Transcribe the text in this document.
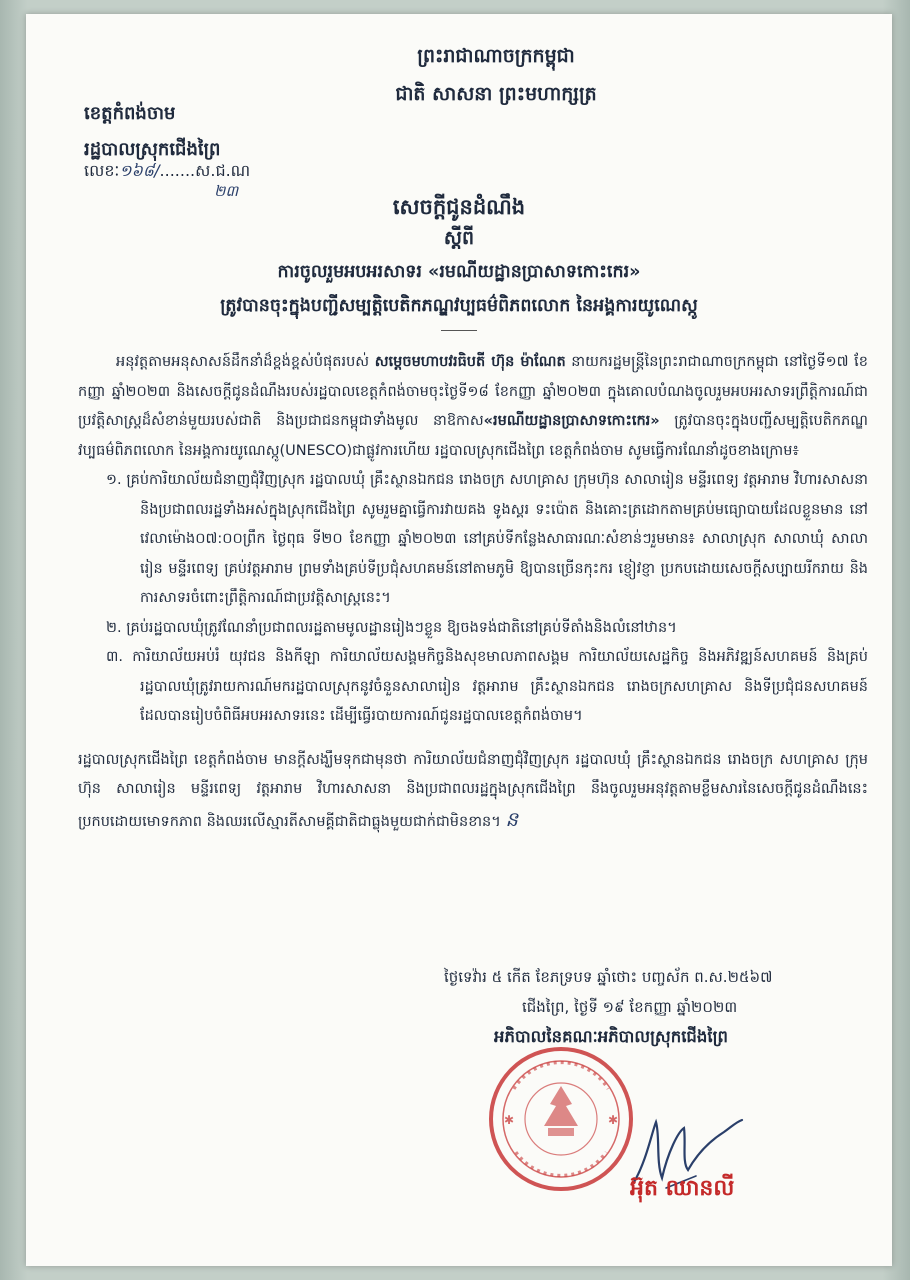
ព្រះរាជាណាចក្រកម្ពុជា
ជាតិ សាសនា ព្រះមហាក្សត្រ
ខេត្តកំពង់ចាម
រដ្ឋបាលស្រុកជើងព្រៃ
លេខៈ១៦៨/.......ស.ជ.ណ
២៣
សេចក្តីជូនដំណឹង
ស្តីពី
ការចូលរួមអបអរសាទរ «រមណីយដ្ឋានប្រាសាទកោះកេរ»
ត្រូវបានចុះក្នុងបញ្ជីសម្បត្តិបេតិកភណ្ឌវប្បធម៌ពិភពលោក នៃអង្គការយូណេស្កូ

អនុវត្តតាមអនុសាសន៍ដឹកនាំដ៏ខ្ពង់ខ្ពស់បំផុតរបស់ សម្តេចមហាបវរធិបតី ហ៊ុន ម៉ាណែត នាយករដ្ឋមន្ត្រីនៃព្រះរាជាណាចក្រកម្ពុជា នៅថ្ងៃទី១៧ ខែកញ្ញា ឆ្នាំ២០២៣ និងសេចក្តីជូនដំណឹងរបស់រដ្ឋបាលខេត្តកំពង់ចាមចុះថ្ងៃទី១៨ ខែកញ្ញា ឆ្នាំ២០២៣ ក្នុងគោលបំណងចូលរួមអបអរសាទរព្រឹត្តិការណ៍ជាប្រវត្តិសាស្រ្តដ៏សំខាន់មួយរបស់ជាតិ និងប្រជាជនកម្ពុជាទាំងមូល នាឱកាស«រមណីយដ្ឋានប្រាសាទកោះកេរ» ត្រូវបានចុះក្នុងបញ្ជីសម្បត្តិបេតិកភណ្ឌវប្បធម៌ពិភពលោក នៃអង្គការយូណេស្កូ(UNESCO)ជាផ្លូវការហើយ រដ្ឋបាលស្រុកជើងព្រៃ ខេត្តកំពង់ចាម សូមធ្វើការណែនាំដូចខាងក្រោម៖

១. គ្រប់ការិយាល័យជំនាញជុំវិញស្រុក រដ្ឋបាលឃុំ គ្រឹះស្ថានឯកជន រោងចក្រ សហគ្រាស ក្រុមហ៊ុន សាលារៀន មន្ទីរពេទ្យ វត្តអារាម វិហារសាសនា និងប្រជាពលរដ្ឋទាំងអស់ក្នុងស្រុកជើងព្រៃ សូមរួមគ្នាធ្វើការវាយគង ទូងស្គរ ទះប៉ោត និងគោះត្រដោកតាមគ្រប់មធ្យោបាយដែលខ្លួនមាន នៅវេលាម៉ោង០៧:០០ព្រឹក ថ្ងៃពុធ ទី២០ ខែកញ្ញា ឆ្នាំ២០២៣ នៅគ្រប់ទីកន្លែងសាធារណៈសំខាន់ៗរួមមាន៖ សាលាស្រុក សាលាឃុំ សាលារៀន មន្ទីរពេទ្យ គ្រប់វត្តអារាម ព្រមទាំងគ្រប់ទីប្រជុំសហគមន៍នៅតាមភូមិ ឱ្យបានច្រើនកុះករ ខ្ញៀវខ្ញា ប្រកបដោយសេចក្តីសប្បាយរីករាយ និងការសាទរចំពោះព្រឹត្តិការណ៍ជាប្រវត្តិសាស្ត្រនេះ។

២. គ្រប់រដ្ឋបាលឃុំត្រូវណែនាំប្រជាពលរដ្ឋតាមមូលដ្ឋានរៀងៗខ្លួន ឱ្យចងទង់ជាតិនៅគ្រប់ទីតាំងនិងលំនៅឋាន។

៣. ការិយាល័យអប់រំ យុវជន និងកីឡា ការិយាល័យសង្គមកិច្ចនិងសុខមាលភាពសង្គម ការិយាល័យសេដ្ឋកិច្ច និងអភិវឌ្ឍន៍សហគមន៍ និងគ្រប់រដ្ឋបាលឃុំត្រូវរាយការណ៍មករដ្ឋបាលស្រុកនូវចំនួនសាលារៀន វត្តអារាម គ្រឹះស្ថានឯកជន រោងចក្រសហគ្រាស និងទីប្រជុំជនសហគមន៍ ដែលបានរៀបចំពិធីអបអរសាទរនេះ ដើម្បីធ្វើរបាយការណ៍ជូនរដ្ឋបាលខេត្តកំពង់ចាម។

រដ្ឋបាលស្រុកជើងព្រៃ ខេត្តកំពង់ចាម មានក្តីសង្ឃឹមទុកជាមុនថា ការិយាល័យជំនាញជុំវិញស្រុក រដ្ឋបាលឃុំ គ្រឹះស្ថានឯកជន រោងចក្រ សហគ្រាស ក្រុមហ៊ុន សាលារៀន មន្ទីរពេទ្យ វត្តអារាម វិហារសាសនា និងប្រជាពលរដ្ឋក្នុងស្រុកជើងព្រៃ នឹងចូលរួមអនុវត្តតាមខ្លឹមសារនៃសេចក្តីជូនដំណឹងនេះ ប្រកបដោយមោទកភាព និងឈរលើស្មារតីសាមគ្គីជាតិជាធ្លុងមួយជាក់ជាមិនខាន។ ន

ថ្ងៃទេវ៉ារ ៥ កើត ខែភទ្របទ ឆ្នាំថោះ បញ្ចស័ក ព.ស.២៥៦៧
ជើងព្រៃ, ថ្ងៃទី ១៩ ខែកញ្ញា ឆ្នាំ២០២៣
អភិបាលនៃគណៈអភិបាលស្រុកជើងព្រៃ
✱	✱
អ៊ុត ឈានលី
